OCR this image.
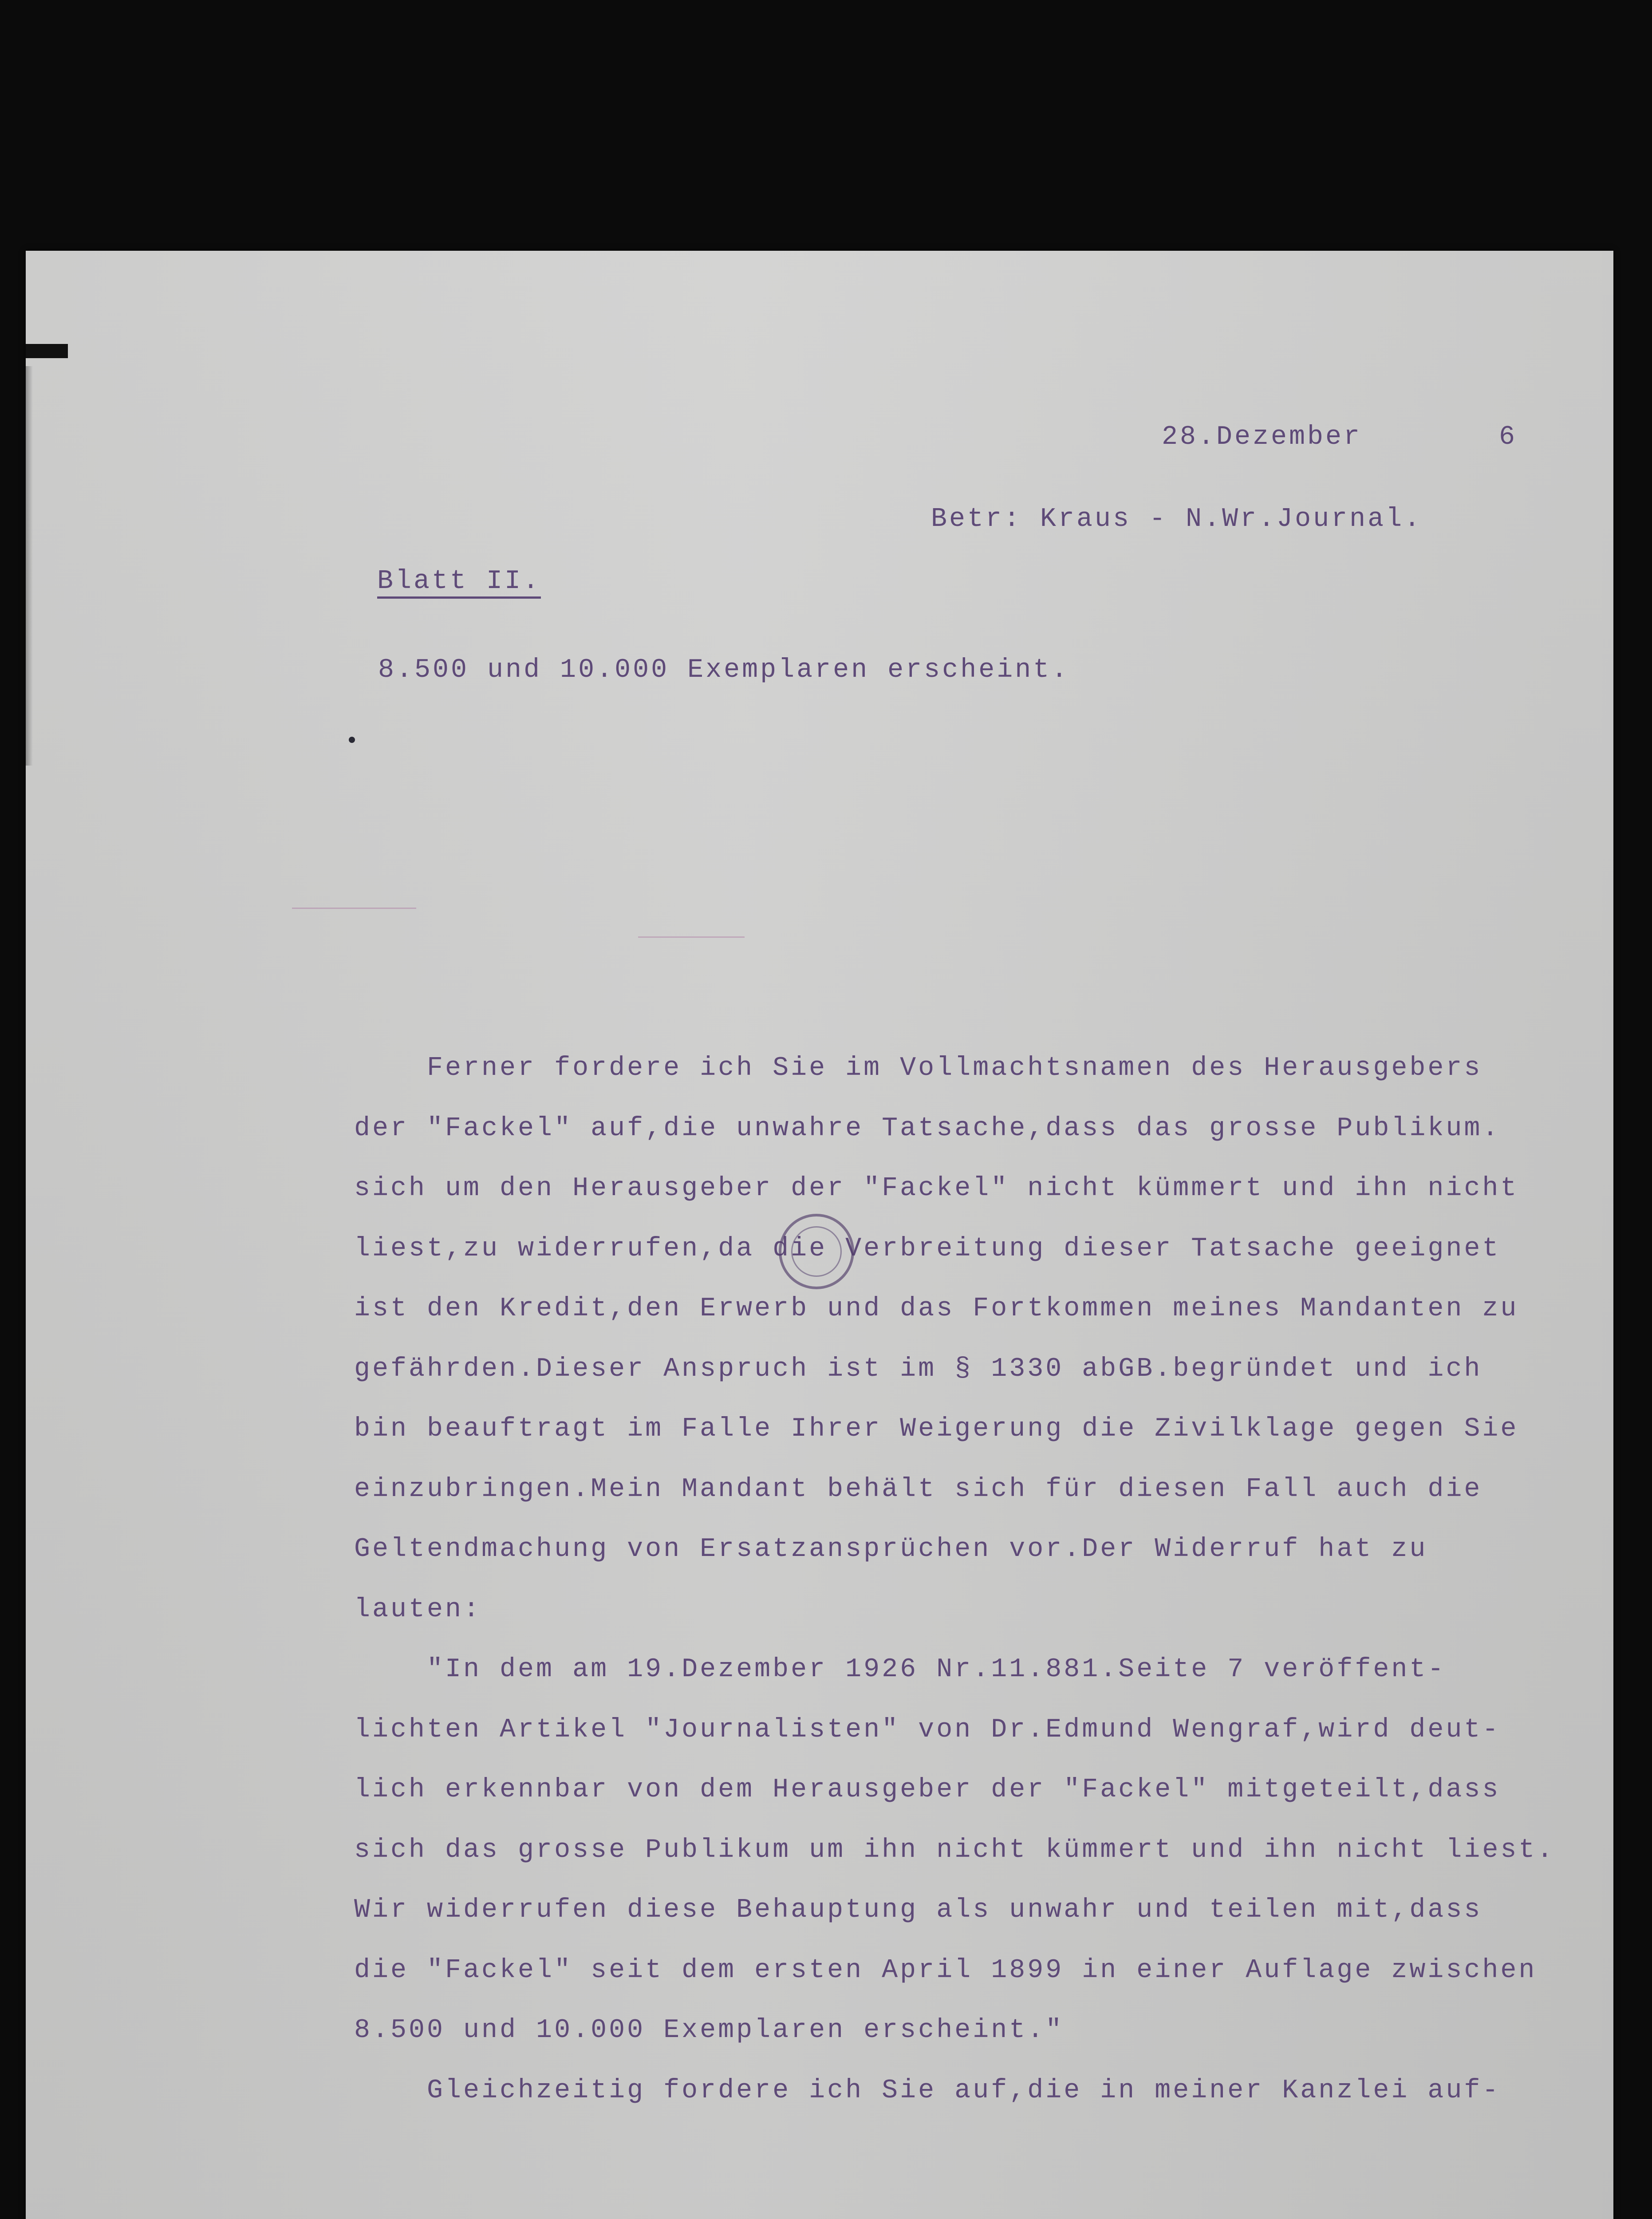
28.Dezember	6
Betr: Kraus - N.Wr.Journal.
Blatt II.
8.500 und 10.000 Exemplaren erscheint.
Ferner fordere ich Sie im Vollmachtsnamen des Herausgebers
der "Fackel" auf,die unwahre Tatsache,dass das grosse Publikum.
sich um den Herausgeber der "Fackel" nicht kümmert und ihn nicht
liest,zu widerrufen,da die Verbreitung dieser Tatsache geeignet
ist den Kredit,den Erwerb und das Fortkommen meines Mandanten zu
gefährden.Dieser Anspruch ist im § 1330 abGB.begründet und ich
bin beauftragt im Falle Ihrer Weigerung die Zivilklage gegen Sie
einzubringen.Mein Mandant behält sich für diesen Fall auch die
Geltendmachung von Ersatzansprüchen vor.Der Widerruf hat zu
lauten:
"In dem am 19.Dezember 1926 Nr.11.881.Seite 7 veröffent-
lichten Artikel "Journalisten" von Dr.Edmund Wengraf,wird deut-
lich erkennbar von dem Herausgeber der "Fackel" mitgeteilt,dass
sich das grosse Publikum um ihn nicht kümmert und ihn nicht liest.
Wir widerrufen diese Behauptung als unwahr und teilen mit,dass
die "Fackel" seit dem ersten April 1899 in einer Auflage zwischen
8.500 und 10.000 Exemplaren erscheint."
Gleichzeitig fordere ich Sie auf,die in meiner Kanzlei auf-
